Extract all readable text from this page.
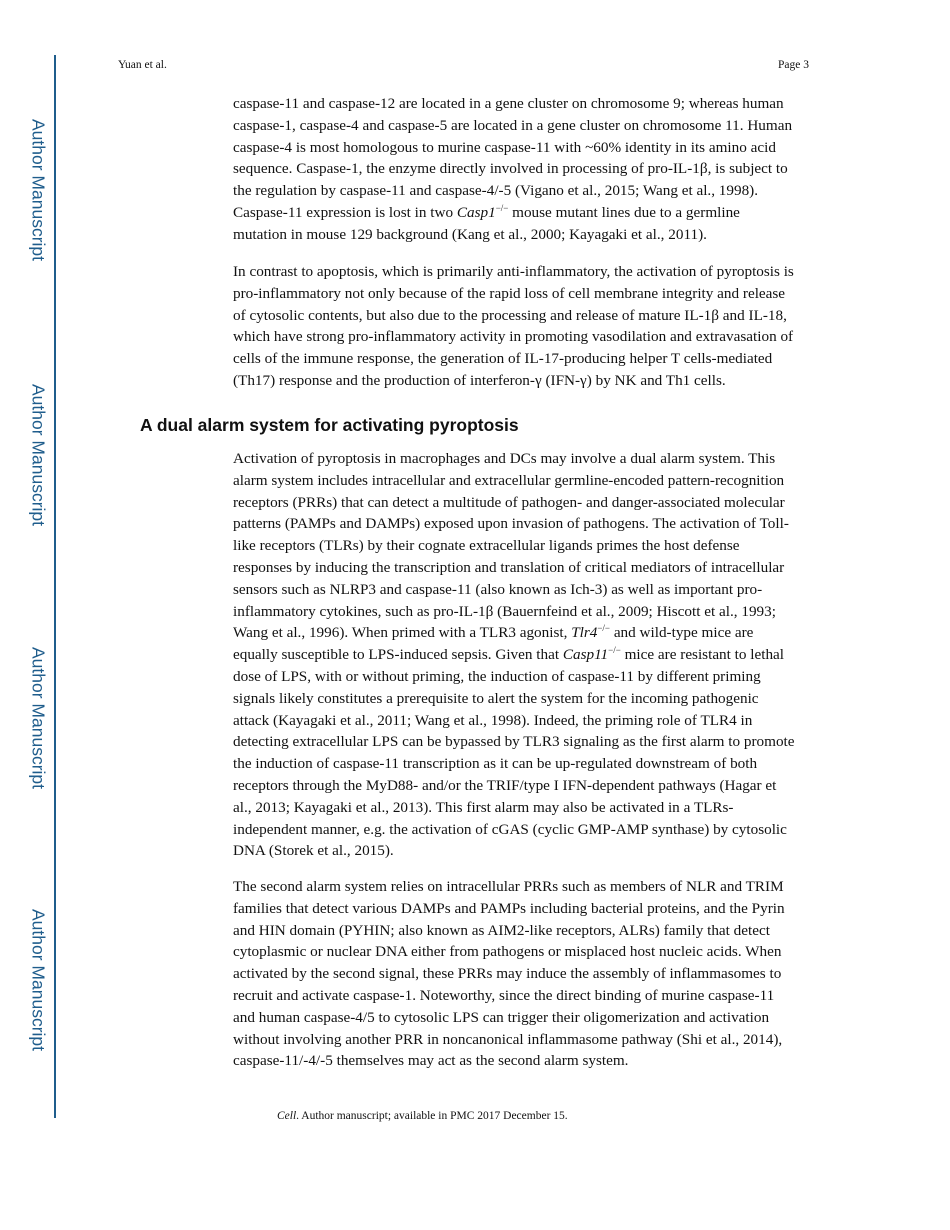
Author Manuscript
Author Manuscript
Author Manuscript
Author Manuscript
Yuan et al.	Page 3
caspase-11 and caspase-12 are located in a gene cluster on chromosome 9; whereas human
caspase-1, caspase-4 and caspase-5 are located in a gene cluster on chromosome 11. Human
caspase-4 is most homologous to murine caspase-11 with ~60% identity in its amino acid
sequence. Caspase-1, the enzyme directly involved in processing of pro-IL-1β, is subject to
the regulation by caspase-11 and caspase-4/-5 (Vigano et al., 2015; Wang et al., 1998).
Caspase-11 expression is lost in two Casp1−/− mouse mutant lines due to a germline
mutation in mouse 129 background (Kang et al., 2000; Kayagaki et al., 2011).
In contrast to apoptosis, which is primarily anti-inflammatory, the activation of pyroptosis is
pro-inflammatory not only because of the rapid loss of cell membrane integrity and release
of cytosolic contents, but also due to the processing and release of mature IL-1β and IL-18,
which have strong pro-inflammatory activity in promoting vasodilation and extravasation of
cells of the immune response, the generation of IL-17-producing helper T cells-mediated
(Th17) response and the production of interferon-γ (IFN-γ) by NK and Th1 cells.
A dual alarm system for activating pyroptosis
Activation of pyroptosis in macrophages and DCs may involve a dual alarm system. This
alarm system includes intracellular and extracellular germline-encoded pattern-recognition
receptors (PRRs) that can detect a multitude of pathogen- and danger-associated molecular
patterns (PAMPs and DAMPs) exposed upon invasion of pathogens. The activation of Toll-
like receptors (TLRs) by their cognate extracellular ligands primes the host defense
responses by inducing the transcription and translation of critical mediators of intracellular
sensors such as NLRP3 and caspase-11 (also known as Ich-3) as well as important pro-
inflammatory cytokines, such as pro-IL-1β (Bauernfeind et al., 2009; Hiscott et al., 1993;
Wang et al., 1996). When primed with a TLR3 agonist, Tlr4−/− and wild-type mice are
equally susceptible to LPS-induced sepsis. Given that Casp11−/− mice are resistant to lethal
dose of LPS, with or without priming, the induction of caspase-11 by different priming
signals likely constitutes a prerequisite to alert the system for the incoming pathogenic
attack (Kayagaki et al., 2011; Wang et al., 1998). Indeed, the priming role of TLR4 in
detecting extracellular LPS can be bypassed by TLR3 signaling as the first alarm to promote
the induction of caspase-11 transcription as it can be up-regulated downstream of both
receptors through the MyD88- and/or the TRIF/type I IFN-dependent pathways (Hagar et
al., 2013; Kayagaki et al., 2013). This first alarm may also be activated in a TLRs-
independent manner, e.g. the activation of cGAS (cyclic GMP-AMP synthase) by cytosolic
DNA (Storek et al., 2015).
The second alarm system relies on intracellular PRRs such as members of NLR and TRIM
families that detect various DAMPs and PAMPs including bacterial proteins, and the Pyrin
and HIN domain (PYHIN; also known as AIM2-like receptors, ALRs) family that detect
cytoplasmic or nuclear DNA either from pathogens or misplaced host nucleic acids. When
activated by the second signal, these PRRs may induce the assembly of inflammasomes to
recruit and activate caspase-1. Noteworthy, since the direct binding of murine caspase-11
and human caspase-4/5 to cytosolic LPS can trigger their oligomerization and activation
without involving another PRR in noncanonical inflammasome pathway (Shi et al., 2014),
caspase-11/-4/-5 themselves may act as the second alarm system.
Cell. Author manuscript; available in PMC 2017 December 15.
